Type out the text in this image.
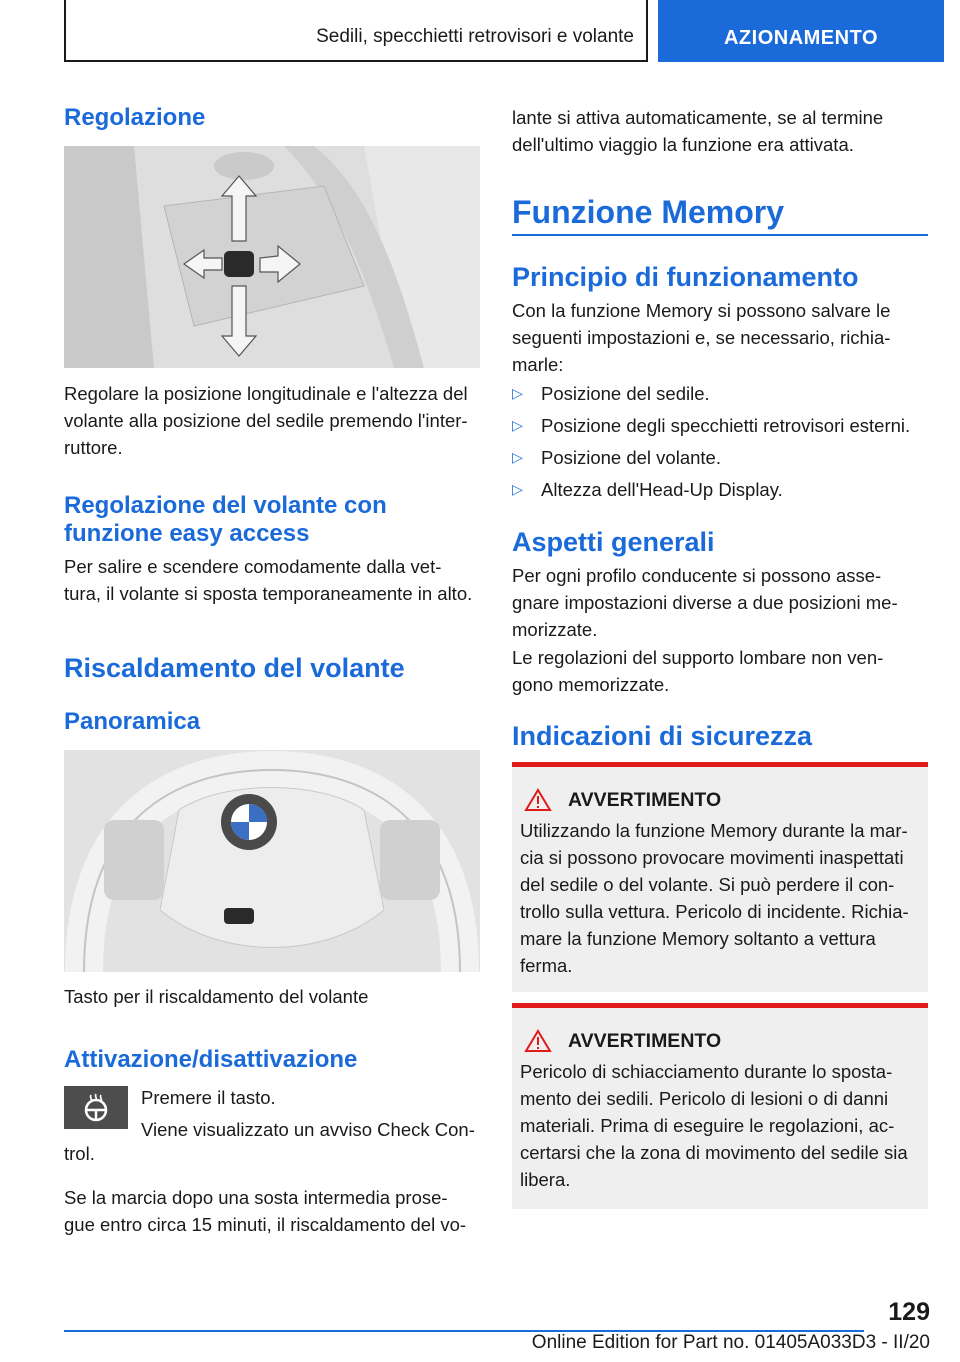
Sedili, specchietti retrovisori e volante	AZIONAMENTO
Regolazione
Regolare la posizione longitudinale e l'altezza del volante alla posizione del sedile premendo l'inter- ruttore.
Regolazione del volante con
funzione easy access
Per salire e scendere comodamente dalla vet- tura, il volante si sposta temporaneamente in alto.
Riscaldamento del volante
Panoramica
Tasto per il riscaldamento del volante
Attivazione/disattivazione
Premere il tasto.
Viene visualizzato un avviso Check Con-
trol.
Se la marcia dopo una sosta intermedia prose- gue entro circa 15 minuti, il riscaldamento del vo-
lante si attiva automaticamente, se al termine dell'ultimo viaggio la funzione era attivata.
Funzione Memory
Principio di funzionamento
Con la funzione Memory si possono salvare le seguenti impostazioni e, se necessario, richia- marle:
▷ Posizione del sedile.
▷ Posizione degli specchietti retrovisori esterni.
▷ Posizione del volante.
▷ Altezza dell'Head-Up Display.
Aspetti generali
Per ogni profilo conducente si possono asse- gnare impostazioni diverse a due posizioni me- morizzate.
Le regolazioni del supporto lombare non ven- gono memorizzate.
Indicazioni di sicurezza
AVVERTIMENTO
Utilizzando la funzione Memory durante la mar- cia si possono provocare movimenti inaspettati del sedile o del volante. Si può perdere il con- trollo sulla vettura. Pericolo di incidente. Richia- mare la funzione Memory soltanto a vettura ferma.
AVVERTIMENTO
Pericolo di schiacciamento durante lo sposta- mento dei sedili. Pericolo di lesioni o di danni materiali. Prima di eseguire le regolazioni, ac- certarsi che la zona di movimento del sedile sia libera.
129
Online Edition for Part no. 01405A033D3 - II/20
